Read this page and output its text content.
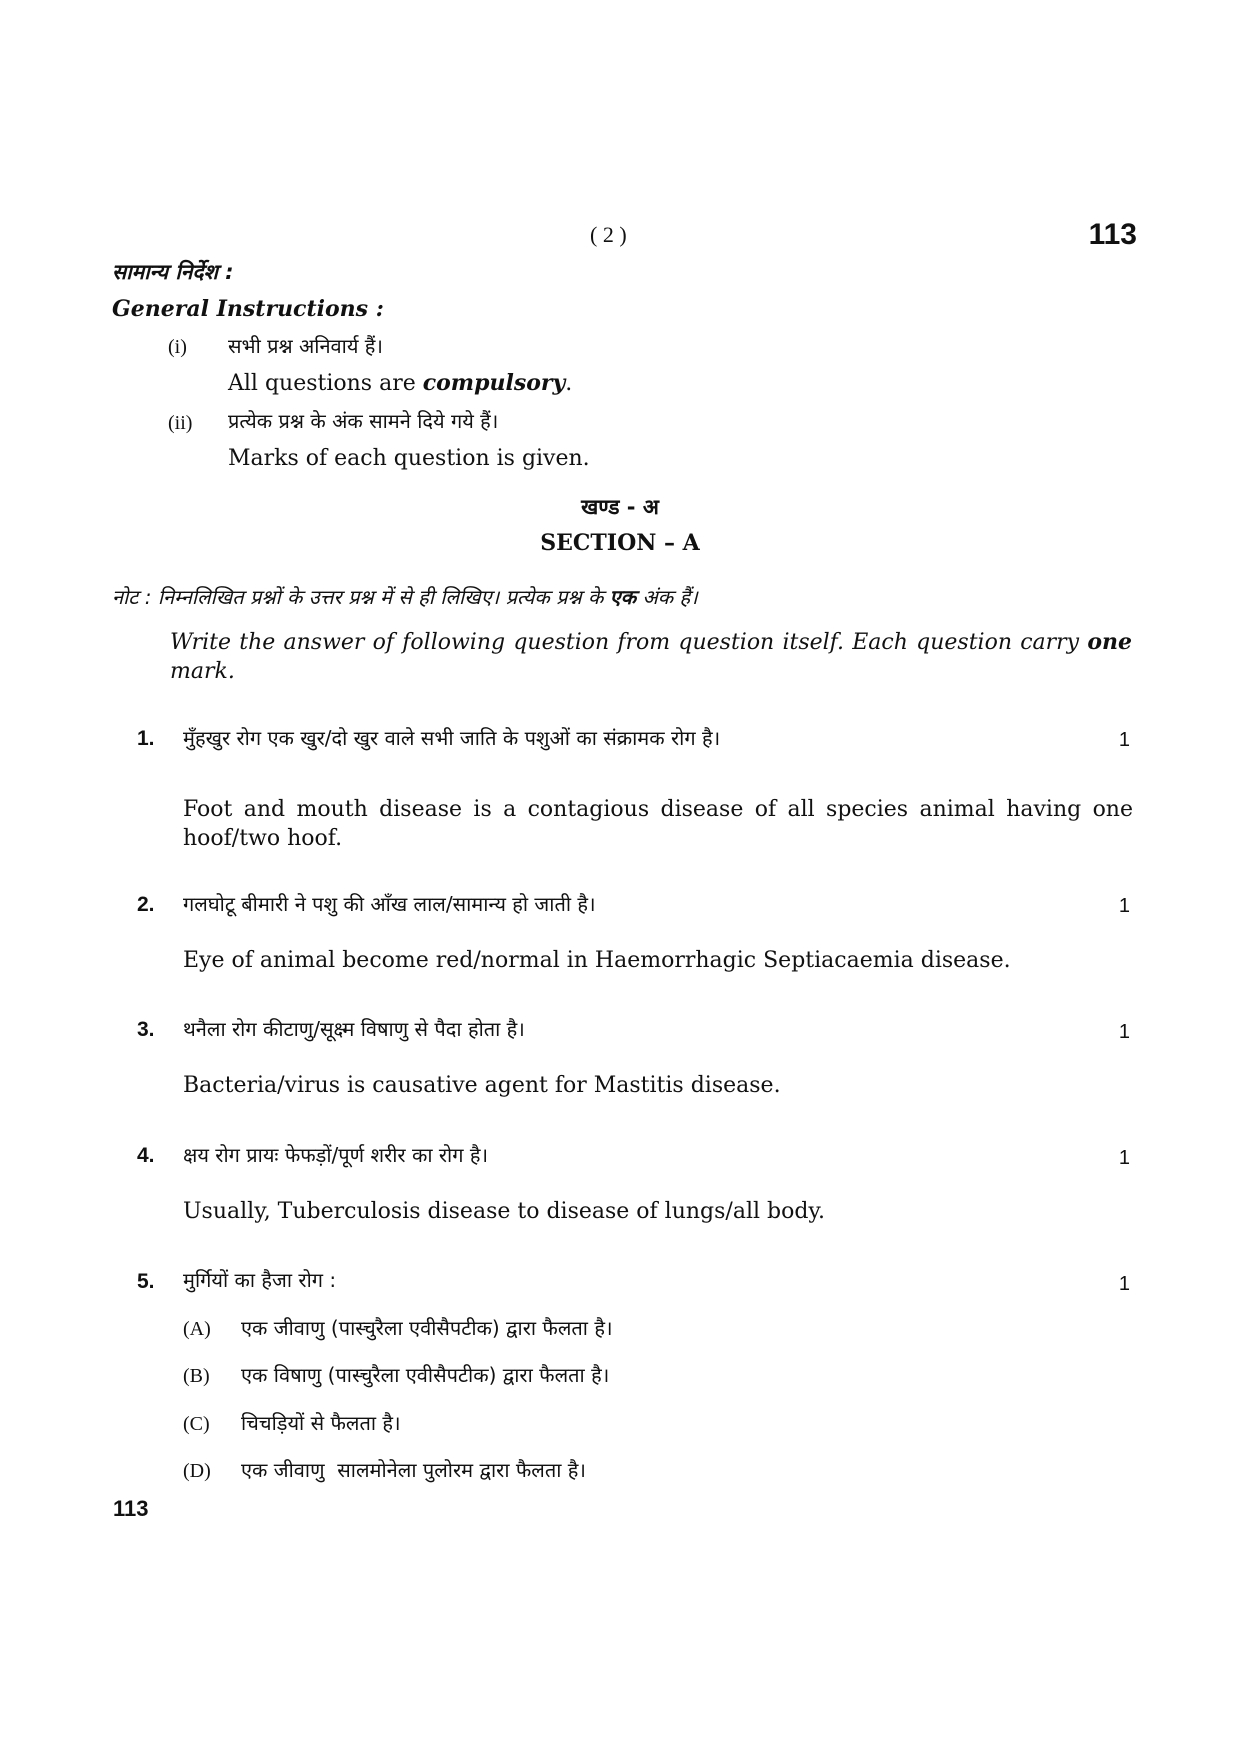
( 2 )	113
सामान्य निर्देश :
General Instructions :
(i) सभी प्रश्न अनिवार्य हैं।
All questions are compulsory.
(ii) प्रत्येक प्रश्न के अंक सामने दिये गये हैं।
Marks of each question is given.
खण्ड - अ
SECTION – A
नोट : निम्नलिखित प्रश्नों के उत्तर प्रश्न में से ही लिखिए। प्रत्येक प्रश्न के एक अंक हैं।
Write the answer of following question from question itself. Each question carry one mark.
1. मुँहखुर रोग एक खुर/दो खुर वाले सभी जाति के पशुओं का संक्रामक रोग है।	1
Foot and mouth disease is a contagious disease of all species animal having one hoof/two hoof.
2. गलघोटू बीमारी ने पशु की आँख लाल/सामान्य हो जाती है।	1
Eye of animal become red/normal in Haemorrhagic Septiacaemia disease.
3. थनैला रोग कीटाणु/सूक्ष्म विषाणु से पैदा होता है।	1
Bacteria/virus is causative agent for Mastitis disease.
4. क्षय रोग प्रायः फेफड़ों/पूर्ण शरीर का रोग है।	1
Usually, Tuberculosis disease to disease of lungs/all body.
5. मुर्गियों का हैजा रोग :	1
(A) एक जीवाणु (पास्चुरैला एवीसैपटीक) द्वारा फैलता है।
(B) एक विषाणु (पास्चुरैला एवीसैपटीक) द्वारा फैलता है।
(C) चिचड़ियों से फैलता है।
(D) एक जीवाणु  सालमोनेला पुलोरम द्वारा फैलता है।
113
